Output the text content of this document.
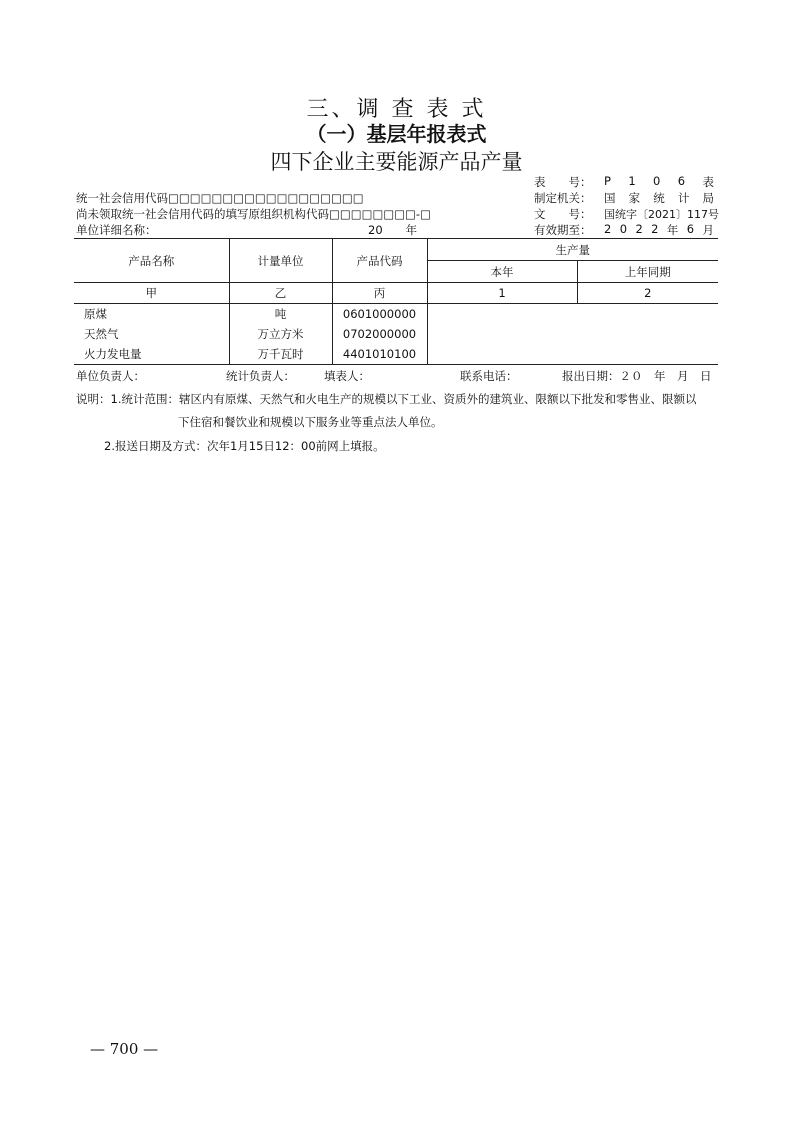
三、调 查 表 式
（一）基层年报表式
四下企业主要能源产品产量
表　　号： P 1 0 6 表
制定机关：	国 家 统 计 局
文　　号：	国统字〔2021〕117号
有效期至：	2 0 2 2 年 6 月
统一社会信用代码□□□□□□□□□□□□□□□□□□
尚未领取统一社会信用代码的填写原组织机构代码□□□□□□□□-□
单位详细名称：	20　　年
产品名称	计量单位	产品代码	生产量	
			本年	上年同期
甲	乙	丙	1	2
原煤	吨	0601000000		
天然气	万立方米	0702000000		
火力发电量	万千瓦时	4401010100		
单位负责人：	统计负责人：	填表人：	联系电话：	报出日期：２０　年　月　日
说明：1.统计范围：辖区内有原煤、天然气和火电生产的规模以下工业、资质外的建筑业、限额以下批发和零售业、限额以
下住宿和餐饮业和规模以下服务业等重点法人单位。
2.报送日期及方式：次年1月15日12：00前网上填报。
— 700 —
